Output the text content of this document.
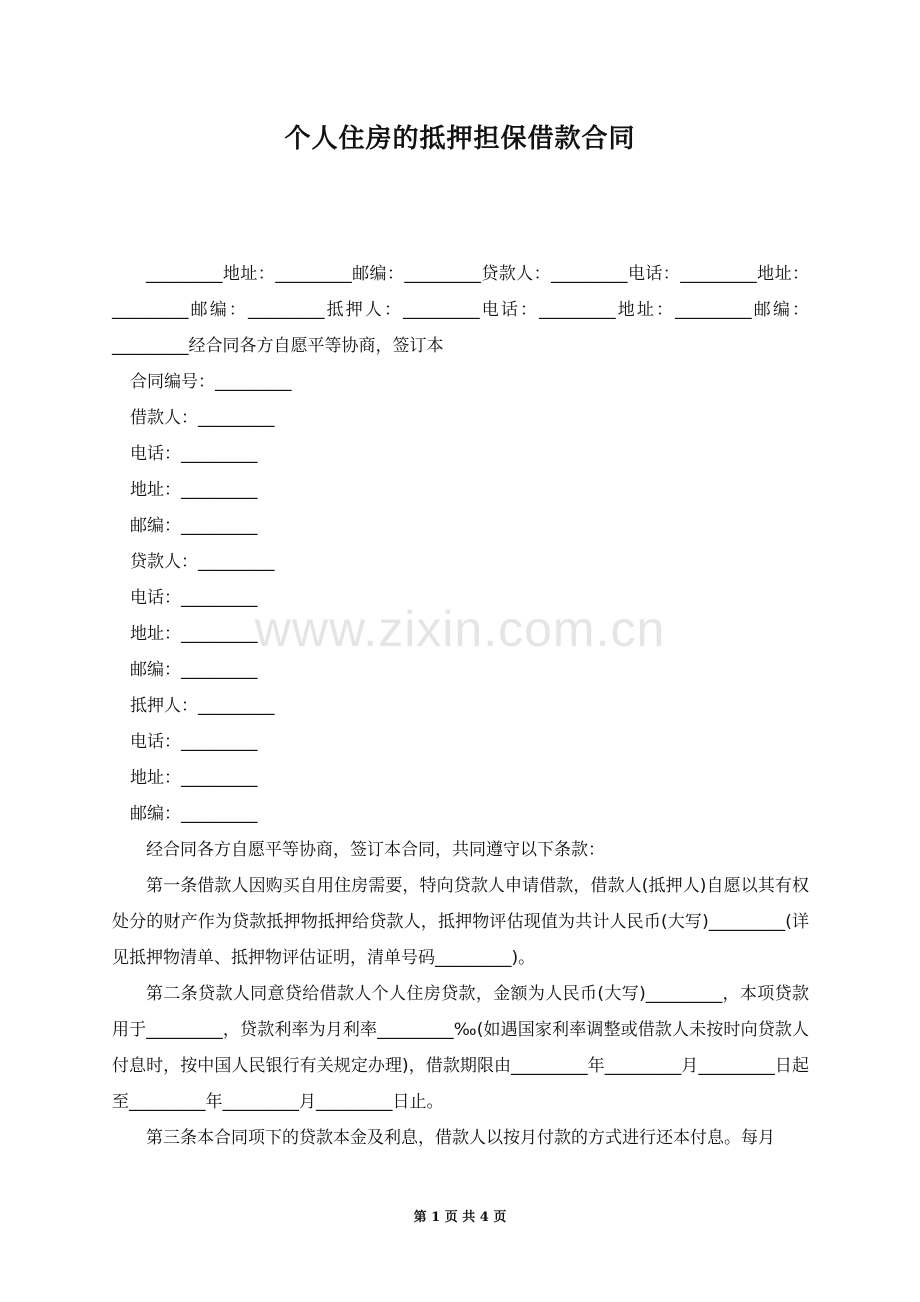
个人住房的抵押担保借款合同

_________地址：_________邮编：_________贷款人：_________电话：_________地址：_________邮编：_________抵押人：_________电话：_________地址：_________邮编：_________经合同各方自愿平等协商，签订本

合同编号：_________

借款人：_________

电话：_________

地址：_________

邮编：_________

贷款人：_________

电话：_________

地址：_________

邮编：_________

抵押人：_________

电话：_________

地址：_________

邮编：_________

经合同各方自愿平等协商，签订本合同，共同遵守以下条款：

第一条借款人因购买自用住房需要，特向贷款人申请借款，借款人(抵押人)自愿以其有权处分的财产作为贷款抵押物抵押给贷款人，抵押物评估现值为共计人民币(大写)_________(详见抵押物清单、抵押物评估证明，清单号码_________)。

第二条贷款人同意贷给借款人个人住房贷款，金额为人民币(大写)_________，本项贷款用于_________，贷款利率为月利率_________‰(如遇国家利率调整或借款人未按时向贷款人付息时，按中国人民银行有关规定办理)，借款期限由_________年_________月_________日起至_________年_________月_________日止。

第三条本合同项下的贷款本金及利息，借款人以按月付款的方式进行还本付息。每月

www.zixin.com.cn
第 1 页 共 4 页
